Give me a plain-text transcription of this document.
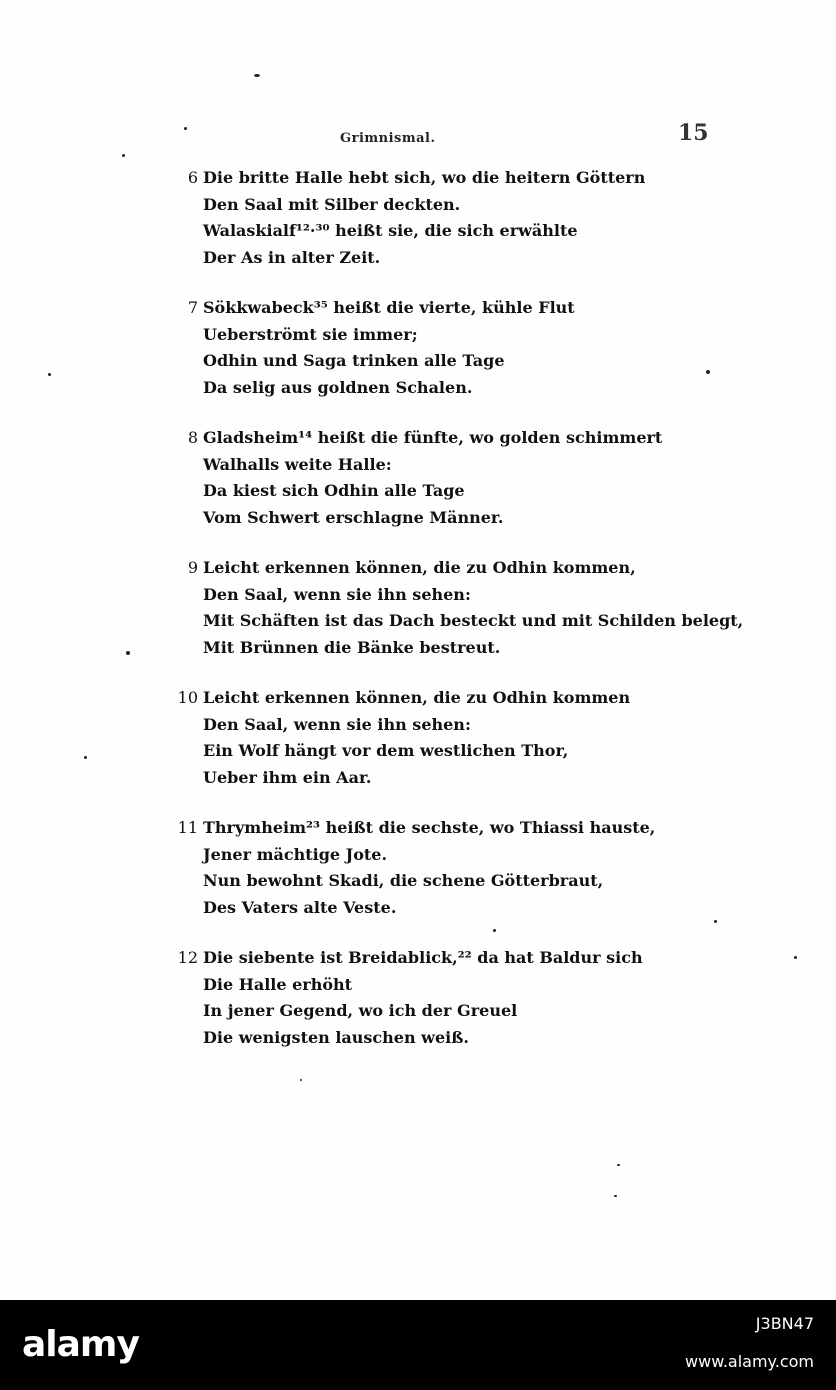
Grimnismal.	15
6 Die britte Halle hebt sich, wo die heitern Göttern
Den Saal mit Silber deckten.
Walaskialf¹²·³⁰ heißt sie, die sich erwählte
Der As in alter Zeit.
7 Sökkwabeck³⁵ heißt die vierte, kühle Flut
Ueberströmt sie immer;
Odhin und Saga trinken alle Tage
Da selig aus goldnen Schalen.
8 Gladsheim¹⁴ heißt die fünfte, wo golden schimmert
Walhalls weite Halle:
Da kiest sich Odhin alle Tage
Vom Schwert erschlagne Männer.
9 Leicht erkennen können, die zu Odhin kommen,
Den Saal, wenn sie ihn sehen:
Mit Schäften ist das Dach besteckt und mit Schilden belegt,
Mit Brünnen die Bänke bestreut.
10 Leicht erkennen können, die zu Odhin kommen
Den Saal, wenn sie ihn sehen:
Ein Wolf hängt vor dem westlichen Thor,
Ueber ihm ein Aar.
11 Thrymheim²³ heißt die sechste, wo Thiassi hauste,
Jener mächtige Jote.
Nun bewohnt Skadi, die schene Götterbraut,
Des Vaters alte Veste.
12 Die siebente ist Breidablick,²² da hat Baldur sich
Die Halle erhöht
In jener Gegend, wo ich der Greuel
Die wenigsten lauschen weiß.
alamy
J3BN47
www.alamy.com
